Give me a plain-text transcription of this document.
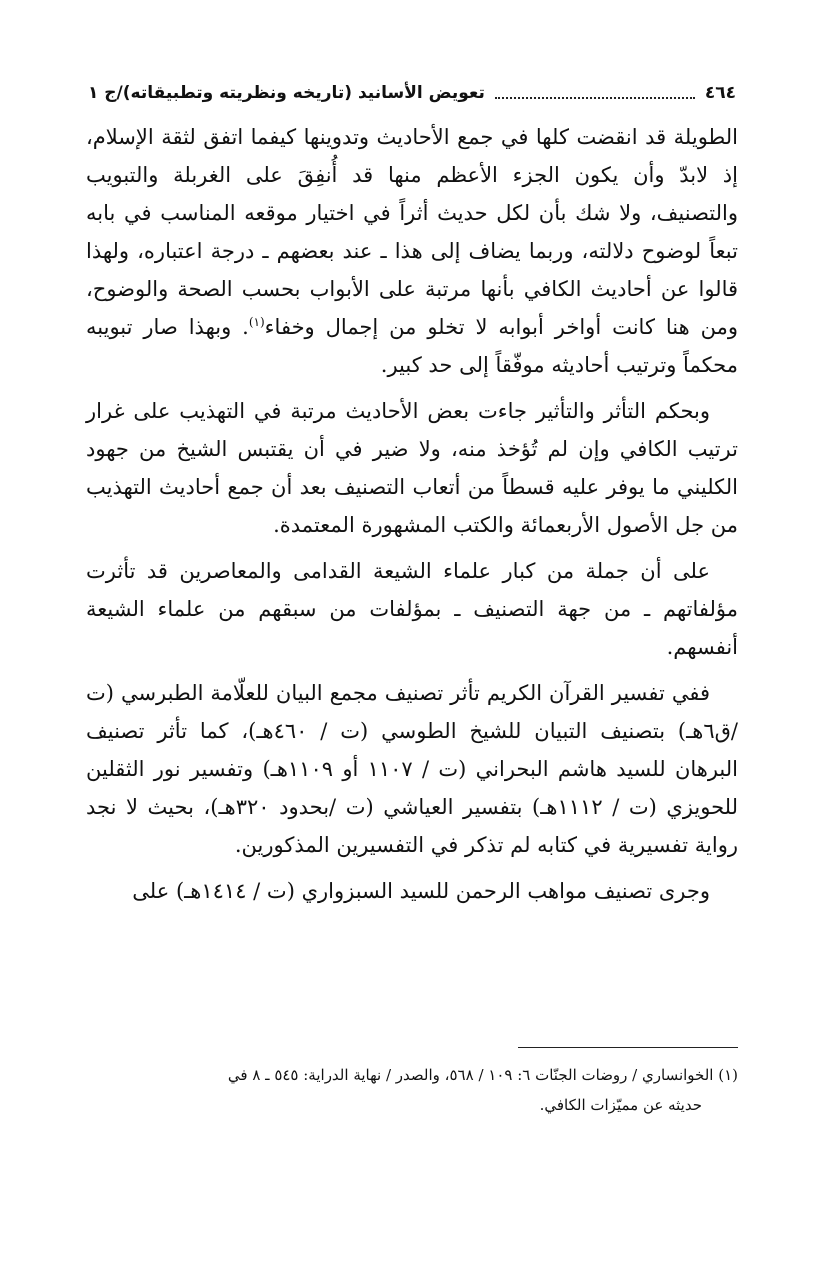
٤٦٤
تعويض الأسانيد (تاريخه ونظريته وتطبيقاته)/ج ١

الطويلة قد انقضت كلها في جمع الأحاديث وتدوينها كيفما اتفق لثقة الإسلام، إذ لابدّ وأن يكون الجزء الأعظم منها قد أُنفِقَ على الغربلة والتبويب والتصنيف، ولا شك بأن لكل حديث أثراً في اختيار موقعه المناسب في بابه تبعاً لوضوح دلالته، وربما يضاف إلى هذا ـ عند بعضهم ـ درجة اعتباره، ولهذا قالوا عن أحاديث الكافي بأنها مرتبة على الأبواب بحسب الصحة والوضوح، ومن هنا كانت أواخر أبوابه لا تخلو من إجمال وخفاء$^{(١)}$. وبهذا صار تبويبه محكماً وترتيب أحاديثه موفّقاً إلى حد كبير.

وبحكم التأثر والتأثير جاءت بعض الأحاديث مرتبة في التهذيب على غرار ترتيب الكافي وإن لم تُؤخذ منه، ولا ضير في أن يقتبس الشيخ من جهود الكليني ما يوفر عليه قسطاً من أتعاب التصنيف بعد أن جمع أحاديث التهذيب من جل الأصول الأربعمائة والكتب المشهورة المعتمدة.

على أن جملة من كبار علماء الشيعة القدامى والمعاصرين قد تأثرت مؤلفاتهم ـ من جهة التصنيف ـ بمؤلفات من سبقهم من علماء الشيعة أنفسهم.

ففي تفسير القرآن الكريم تأثر تصنيف مجمع البيان للعلّامة الطبرسي (ت /ق٦هـ) بتصنيف التبيان للشيخ الطوسي (ت / ٤٦٠هـ)، كما تأثر تصنيف البرهان للسيد هاشم البحراني (ت / ١١٠٧ أو ١١٠٩هـ) وتفسير نور الثقلين للحويزي (ت / ١١١٢هـ) بتفسير العياشي (ت /بحدود ٣٢٠هـ)، بحيث لا نجد رواية تفسيرية في كتابه لم تذكر في التفسيرين المذكورين.

وجرى تصنيف مواهب الرحمن للسيد السبزواري (ت / ١٤١٤هـ) على

(١) الخوانساري / روضات الجنّات ٦: ١٠٩ / ٥٦٨، والصدر / نهاية الدراية: ٥٤٥ ـ ٨ في

حديثه عن مميّزات الكافي.
